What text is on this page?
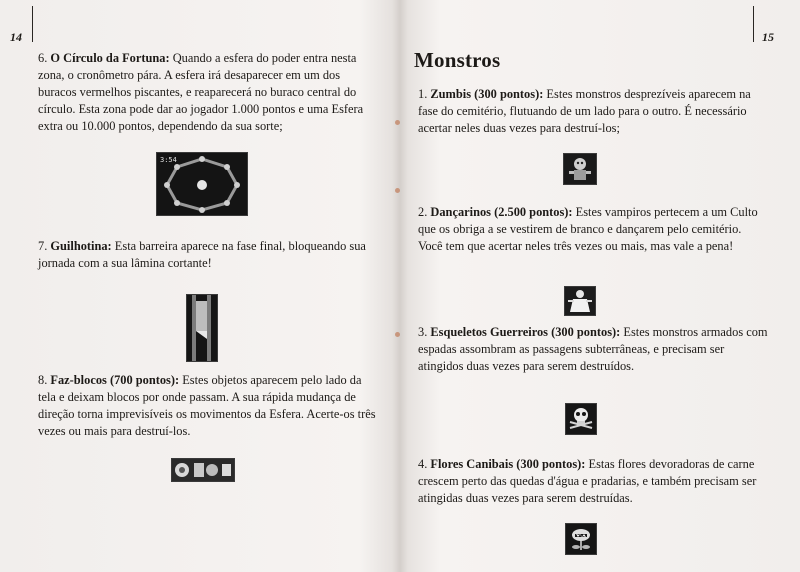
14
6. O Círculo da Fortuna: Quando a esfera do poder entra nesta zona, o cronômetro pára. A esfera irá desaparecer em um dos buracos vermelhos piscantes, e reaparecerá no buraco central do círculo. Esta zona pode dar ao jogador 1.000 pontos e uma Esfera extra ou 10.000 pontos, dependendo da sua sorte;
3:54
7. Guilhotina: Esta barreira aparece na fase final, bloqueando sua jornada com a sua lâmina cortante!
8. Faz-blocos (700 pontos): Estes objetos aparecem pelo lado da tela e deixam blocos por onde passam. A sua rápida mudança de direção torna imprevisíveis os movimentos da Esfera. Acerte-os três vezes ou mais para destruí-los.
15
Monstros
1. Zumbis (300 pontos): Estes monstros desprezíveis aparecem na fase do cemitério, flutuando de um lado para o outro. É necessário acertar neles duas vezes para destruí-los;
2. Dançarinos (2.500 pontos): Estes vampiros pertecem a um Culto que os obriga a se vestirem de branco e dançarem pelo cemitério. Você tem que acertar neles três vezes ou mais, mas vale a pena!
3. Esqueletos Guerreiros (300 pontos): Estes monstros armados com espadas assombram as passagens subterrâneas, e precisam ser atingidos duas vezes para serem destruídos.
4. Flores Canibais (300 pontos): Estas flores devoradoras de carne crescem perto das quedas d'água e pradarias, e também precisam ser atingidas duas vezes para serem destruídas.
